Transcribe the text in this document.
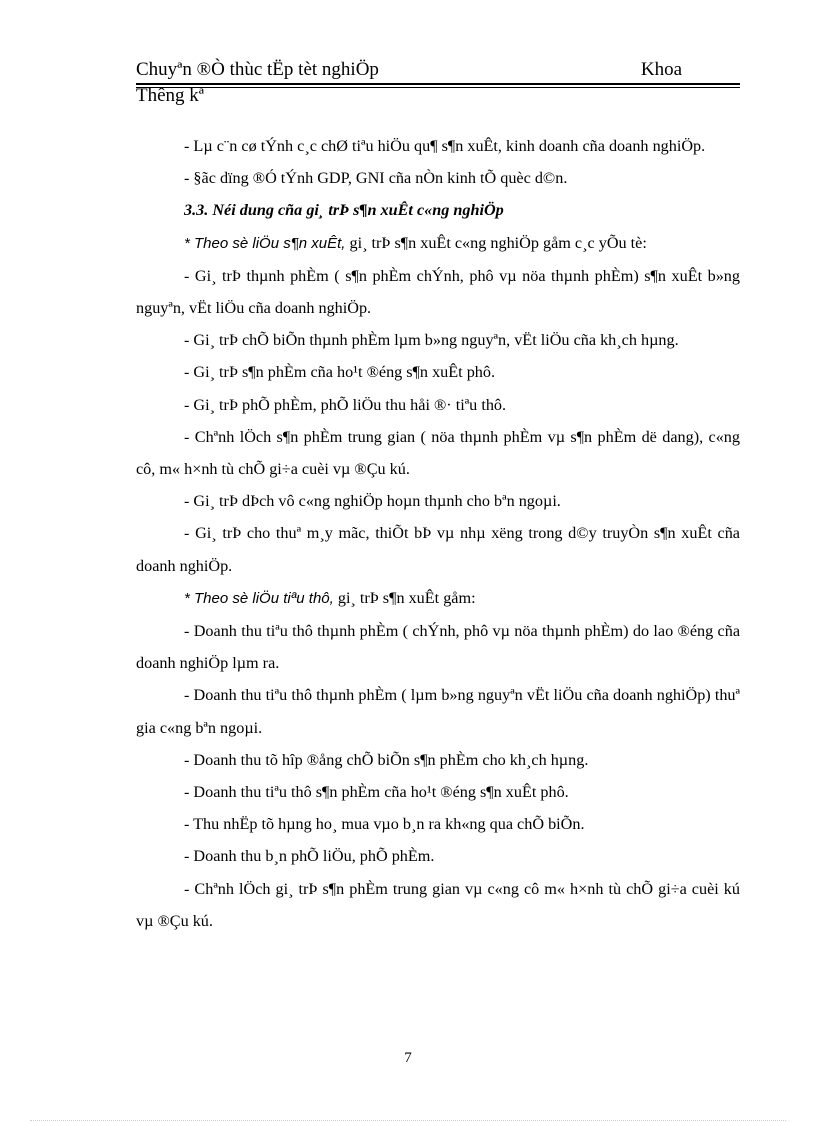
Chuyªn ®Ò thùc tËp tèt nghiÖp	Khoa
Thêng kª

- Lµ c¨n cø tÝnh c¸c chØ tiªu hiÖu qu¶ s¶n xuÊt, kinh doanh cña doanh nghiÖp.

- §ãc dïng ®Ó tÝnh GDP, GNI cña nÒn kinh tÕ quèc d©n.

3.3. Néi dung cña gi¸ trÞ s¶n xuÊt c«ng nghiÖp

* Theo sè liÖu s¶n xuÊt, gi¸ trÞ s¶n xuÊt c«ng nghiÖp gåm c¸c yÕu tè:

- Gi¸ trÞ thµnh phÈm ( s¶n phÈm chÝnh, phô vµ nöa thµnh phÈm) s¶n xuÊt b»ng nguyªn, vËt liÖu cña doanh nghiÖp.

- Gi¸ trÞ chÕ biÕn thµnh phÈm lµm b»ng nguyªn, vËt liÖu cña kh¸ch hµng.

- Gi¸ trÞ s¶n phÈm cña ho¹t ®éng s¶n xuÊt phô.

- Gi¸ trÞ phÕ phÈm, phÕ liÖu thu håi ®· tiªu thô.

- Chªnh lÖch s¶n phÈm trung gian ( nöa thµnh phÈm vµ s¶n phÈm dë dang), c«ng cô, m« h×nh tù chÕ gi÷a cuèi vµ ®Çu kú.

- Gi¸ trÞ dÞch vô c«ng nghiÖp hoµn thµnh cho bªn ngoµi.

- Gi¸ trÞ cho thuª m¸y mãc, thiÕt bÞ vµ nhµ xëng trong d©y truyÒn s¶n xuÊt cña doanh nghiÖp.

* Theo sè liÖu tiªu thô, gi¸ trÞ s¶n xuÊt gåm:

- Doanh thu tiªu thô thµnh phÈm ( chÝnh, phô vµ nöa thµnh phÈm) do lao ®éng cña doanh nghiÖp lµm ra.

- Doanh thu tiªu thô thµnh phÈm ( lµm b»ng nguyªn vËt liÖu cña doanh nghiÖp) thuª gia c«ng bªn ngoµi.

- Doanh thu tõ hîp ®ång chÕ biÕn s¶n phÈm cho kh¸ch hµng.

- Doanh thu tiªu thô s¶n phÈm cña ho¹t ®éng s¶n xuÊt phô.

- Thu nhËp tõ hµng ho¸ mua vµo b¸n ra kh«ng qua chÕ biÕn.

- Doanh thu b¸n phÕ liÖu, phÕ phÈm.

- Chªnh lÖch gi¸ trÞ s¶n phÈm trung gian vµ c«ng cô m« h×nh tù chÕ gi÷a cuèi kú vµ ®Çu kú.

7
